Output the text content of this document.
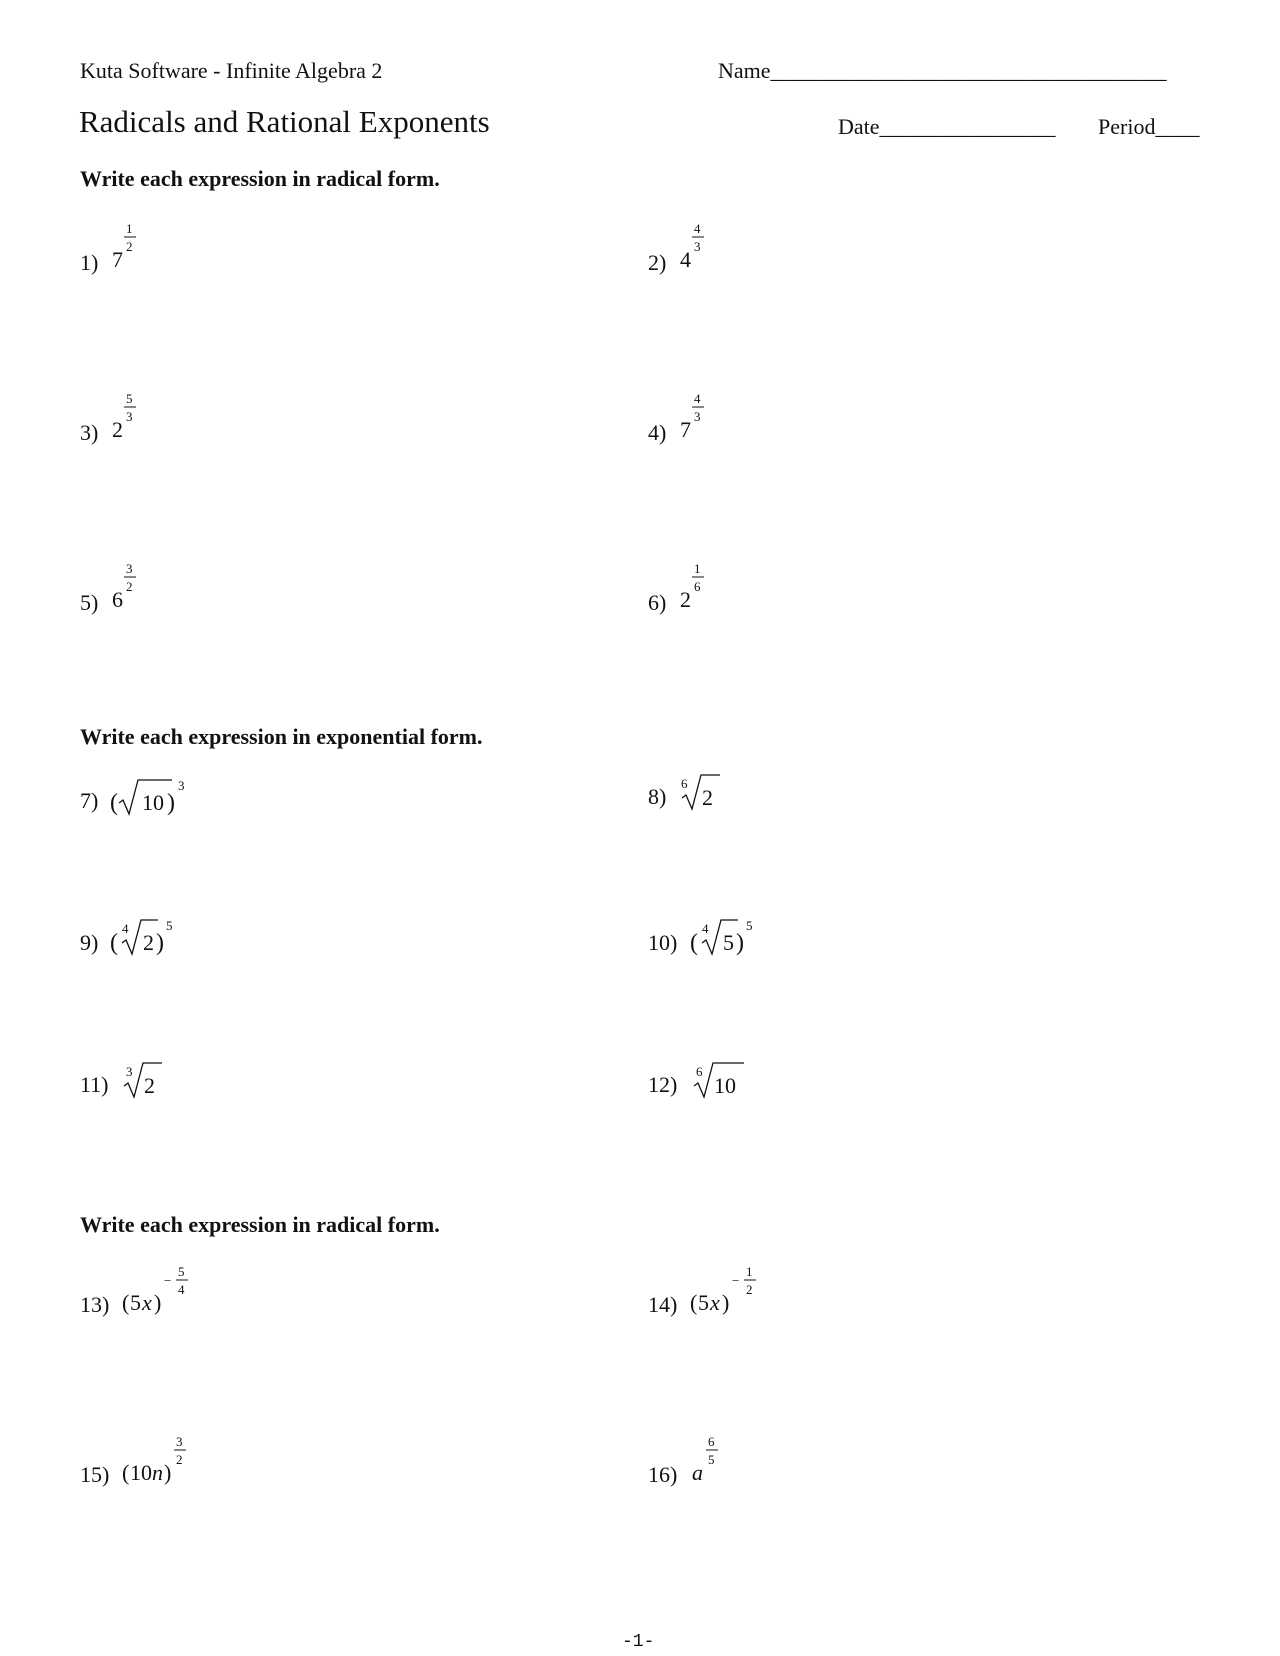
Kuta Software - Infinite Algebra 2	Name____________________________________
Radicals and Rational Exponents	Date________________ Period____
Write each expression in radical form.
Write each expression in exponential form.
Write each expression in radical form.
1) 7
1
2
2) 4
4
3
3) 2
5
3
4) 7
4
3
5) 6
3
2
6) 2
1
6
7) ( 10 )
3	8)
6
2
9) (
4
2 )
5
10) (
4
5 )
5
11)
3
2	12)
6
10
13) ( 5 x )
−
5
4
14) ( 5 x )
−
1
2
15) ( 10 n )
3
2
16) a
6
5
-1-
